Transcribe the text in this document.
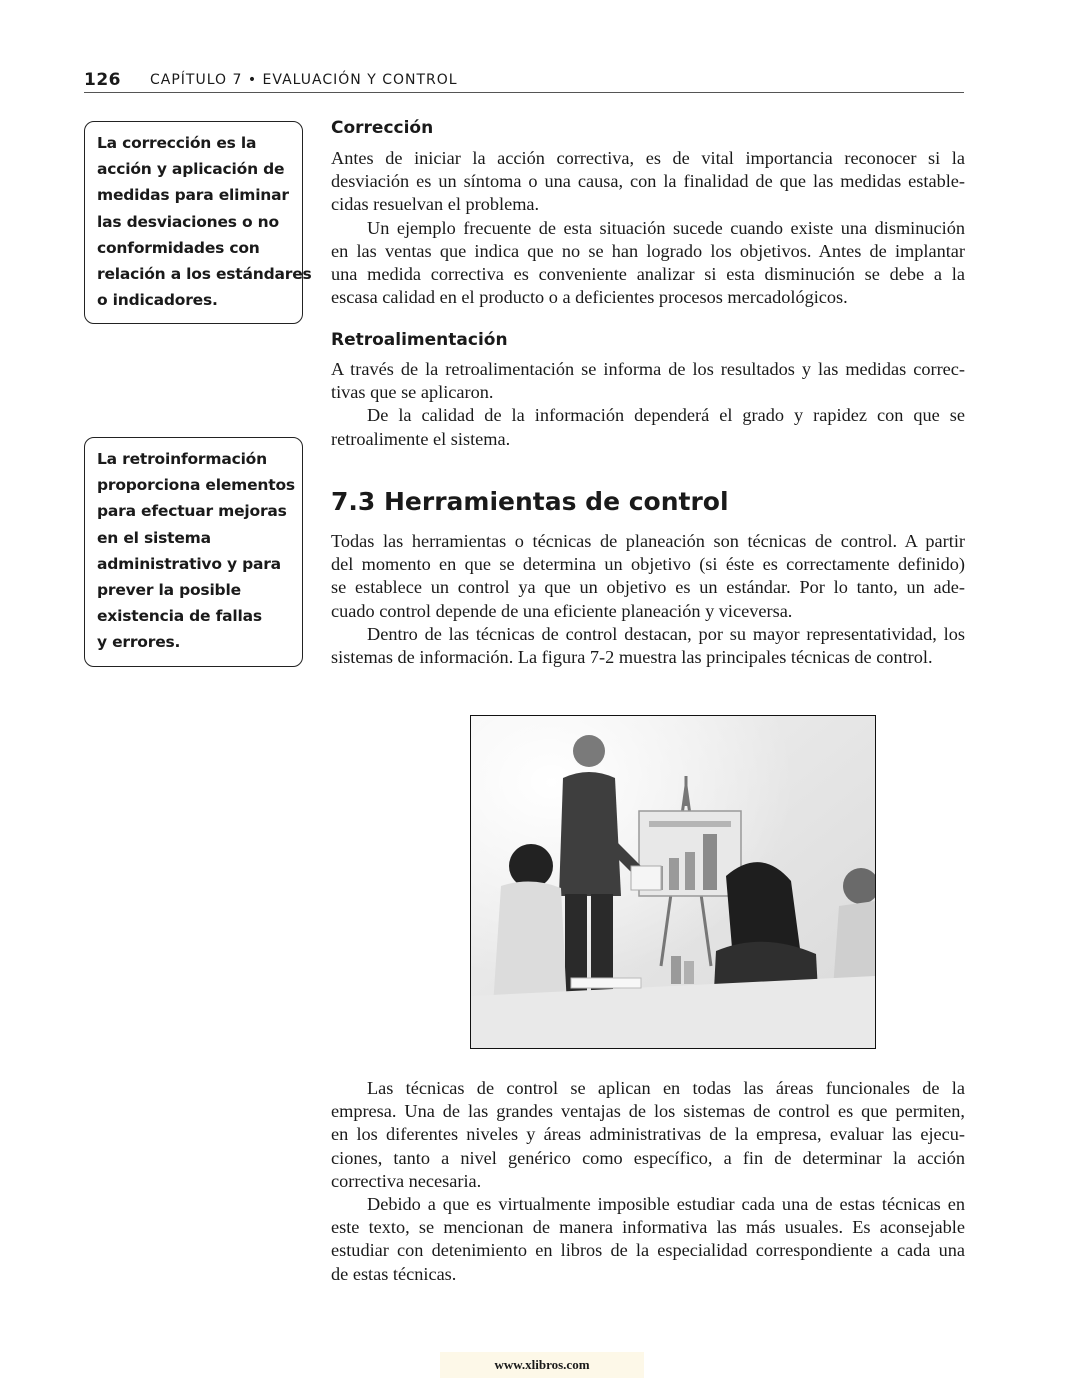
126 CAPÍTULO 7 • EVALUACIÓN Y CONTROL
La corrección es la
acción y aplicación de
medidas para eliminar
las desviaciones o no
conformidades con
relación a los estándares
o indicadores.
La retroinformación
proporciona elementos
para efectuar mejoras
en el sistema
administrativo y para
prever la posible
existencia de fallas
y errores.
Corrección

Antes de iniciar la acción correctiva, es de vital importancia reconocer si la
desviación es un síntoma o una causa, con la finalidad de que las medidas estable-
cidas resuelvan el problema.
Un ejemplo frecuente de esta situación sucede cuando existe una disminución
en las ventas que indica que no se han logrado los objetivos. Antes de implantar
una medida correctiva es conveniente analizar si esta disminución se debe a la
escasa calidad en el producto o a deficientes procesos mercadológicos.

Retroalimentación

A través de la retroalimentación se informa de los resultados y las medidas correc-
tivas que se aplicaron.
De la calidad de la información dependerá el grado y rapidez con que se
retroalimente el sistema.

7.3 Herramientas de control

Todas las herramientas o técnicas de planeación son técnicas de control. A partir
del momento en que se determina un objetivo (si éste es correctamente definido)
se establece un control ya que un objetivo es un estándar. Por lo tanto, un ade-
cuado control depende de una eficiente planeación y viceversa.
Dentro de las técnicas de control destacan, por su mayor representatividad, los
sistemas de información. La figura 7-2 muestra las principales técnicas de control.

Las técnicas de control se aplican en todas las áreas funcionales de la
empresa. Una de las grandes ventajas de los sistemas de control es que permiten,
en los diferentes niveles y áreas administrativas de la empresa, evaluar las ejecu-
ciones, tanto a nivel genérico como específico, a fin de determinar la acción
correctiva necesaria.
Debido a que es virtualmente imposible estudiar cada una de estas técnicas en
este texto, se mencionan de manera informativa las más usuales. Es aconsejable
estudiar con detenimiento en libros de la especialidad correspondiente a cada una
de estas técnicas.

www.xlibros.com
